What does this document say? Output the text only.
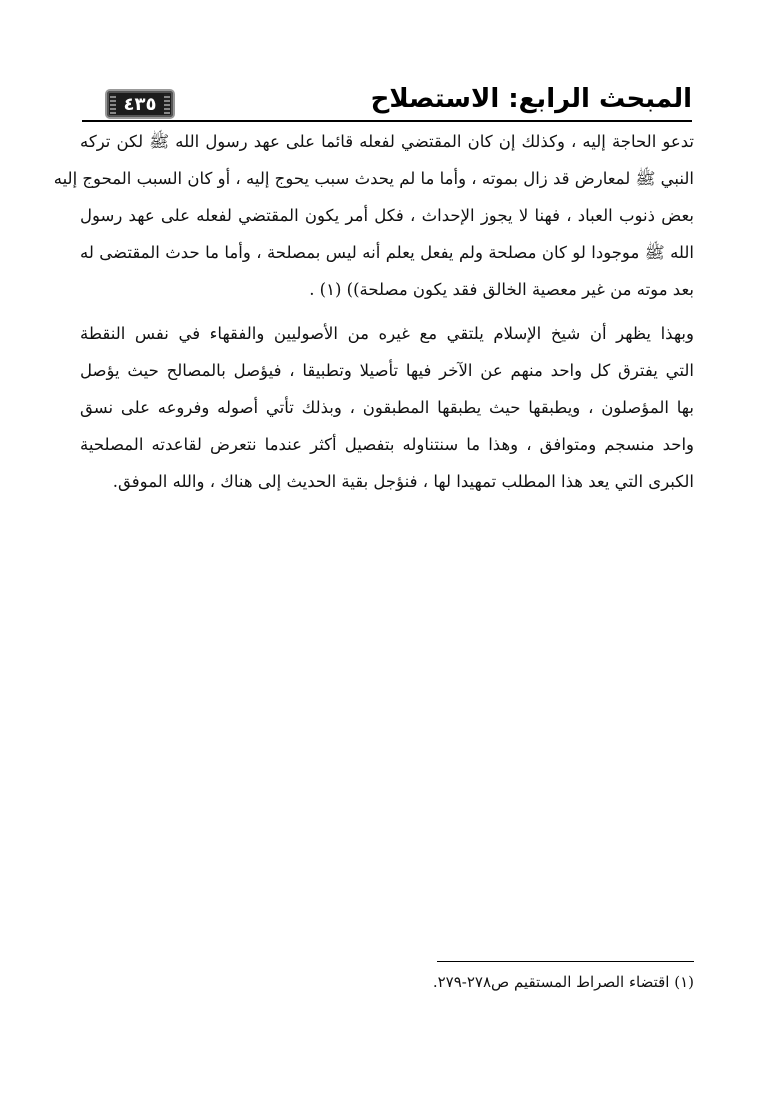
المبحث الرابع: الاستصلاح
٤٣٥
تدعو الحاجة إليه ، وكذلك إن كان المقتضي لفعله قائما على عهد رسول الله ﷺ لكن تركه
النبي ﷺ لمعارض قد زال بموته ، وأما ما لم يحدث سبب يحوج إليه ، أو كان السبب المحوج إليه
بعض ذنوب العباد ، فهنا لا يجوز الإحداث ، فكل أمر يكون المقتضي لفعله على عهد رسول
الله ﷺ موجودا لو كان مصلحة ولم يفعل يعلم أنه ليس بمصلحة ، وأما ما حدث المقتضى له
بعد موته من غير معصية الخالق فقد يكون مصلحة)) (١) .
وبهذا يظهر أن شيخ الإسلام يلتقي مع غيره من الأصوليين والفقهاء في نفس النقطة
التي يفترق كل واحد منهم عن الآخر فيها تأصيلا وتطبيقا ، فيؤصل بالمصالح حيث يؤصل
بها المؤصلون ، ويطبقها حيث يطبقها المطبقون ، وبذلك تأتي أصوله وفروعه على نسق
واحد منسجم ومتوافق ، وهذا ما سنتناوله بتفصيل أكثر عندما نتعرض لقاعدته المصلحية
الكبرى التي يعد هذا المطلب تمهيدا لها ، فنؤجل بقية الحديث إلى هناك ، والله الموفق.
(١) اقتضاء الصراط المستقيم ص٢٧٨-٢٧٩.
